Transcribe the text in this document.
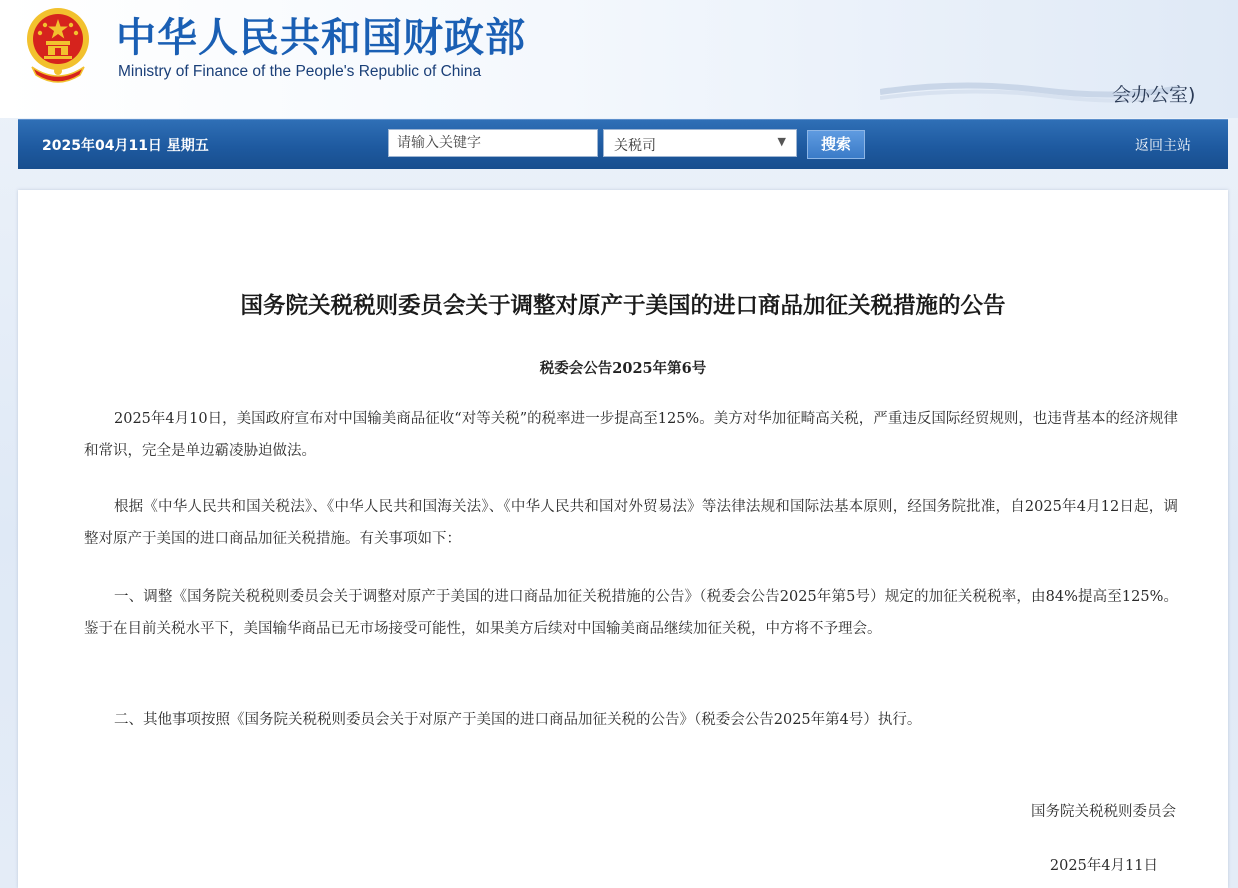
中华人民共和国财政部
Ministry of Finance of the People's Republic of China
会办公室)
2025年04月11日 星期五
请输入关键字	关税司	▼	搜索	返回主站
国务院关税税则委员会关于调整对原产于美国的进口商品加征关税措施的公告
税委会公告2025年第6号

2025年4月10日，美国政府宣布对中国输美商品征收“对等关税”的税率进一步提高至125%。美方对华加征畸高关税，严重违反国际经贸规则，也违背基本的经济规律和常识，完全是单边霸凌胁迫做法。

根据《中华人民共和国关税法》、《中华人民共和国海关法》、《中华人民共和国对外贸易法》等法律法规和国际法基本原则，经国务院批准，自2025年4月12日起，调整对原产于美国的进口商品加征关税措施。有关事项如下：

一、调整《国务院关税税则委员会关于调整对原产于美国的进口商品加征关税措施的公告》（税委会公告2025年第5号）规定的加征关税税率，由84%提高至125%。鉴于在目前关税水平下，美国输华商品已无市场接受可能性，如果美方后续对中国输美商品继续加征关税，中方将不予理会。

二、其他事项按照《国务院关税税则委员会关于对原产于美国的进口商品加征关税的公告》（税委会公告2025年第4号）执行。

国务院关税税则委员会
2025年4月11日
